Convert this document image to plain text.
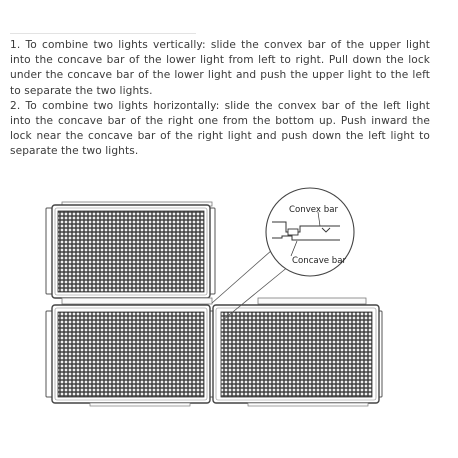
1. To combine two lights vertically: slide the convex bar of the upper light into the concave bar of the lower light from left to right. Pull down the lock under the concave bar of the lower light and push the upper light to the left to separate the two lights.

2. To combine two lights horizontally: slide the convex bar of the left light into the concave bar of the right one from the bottom up. Push inward the lock near the concave bar of the right light and push down the left light to separate the two lights.

Convex bar
Concave bar
